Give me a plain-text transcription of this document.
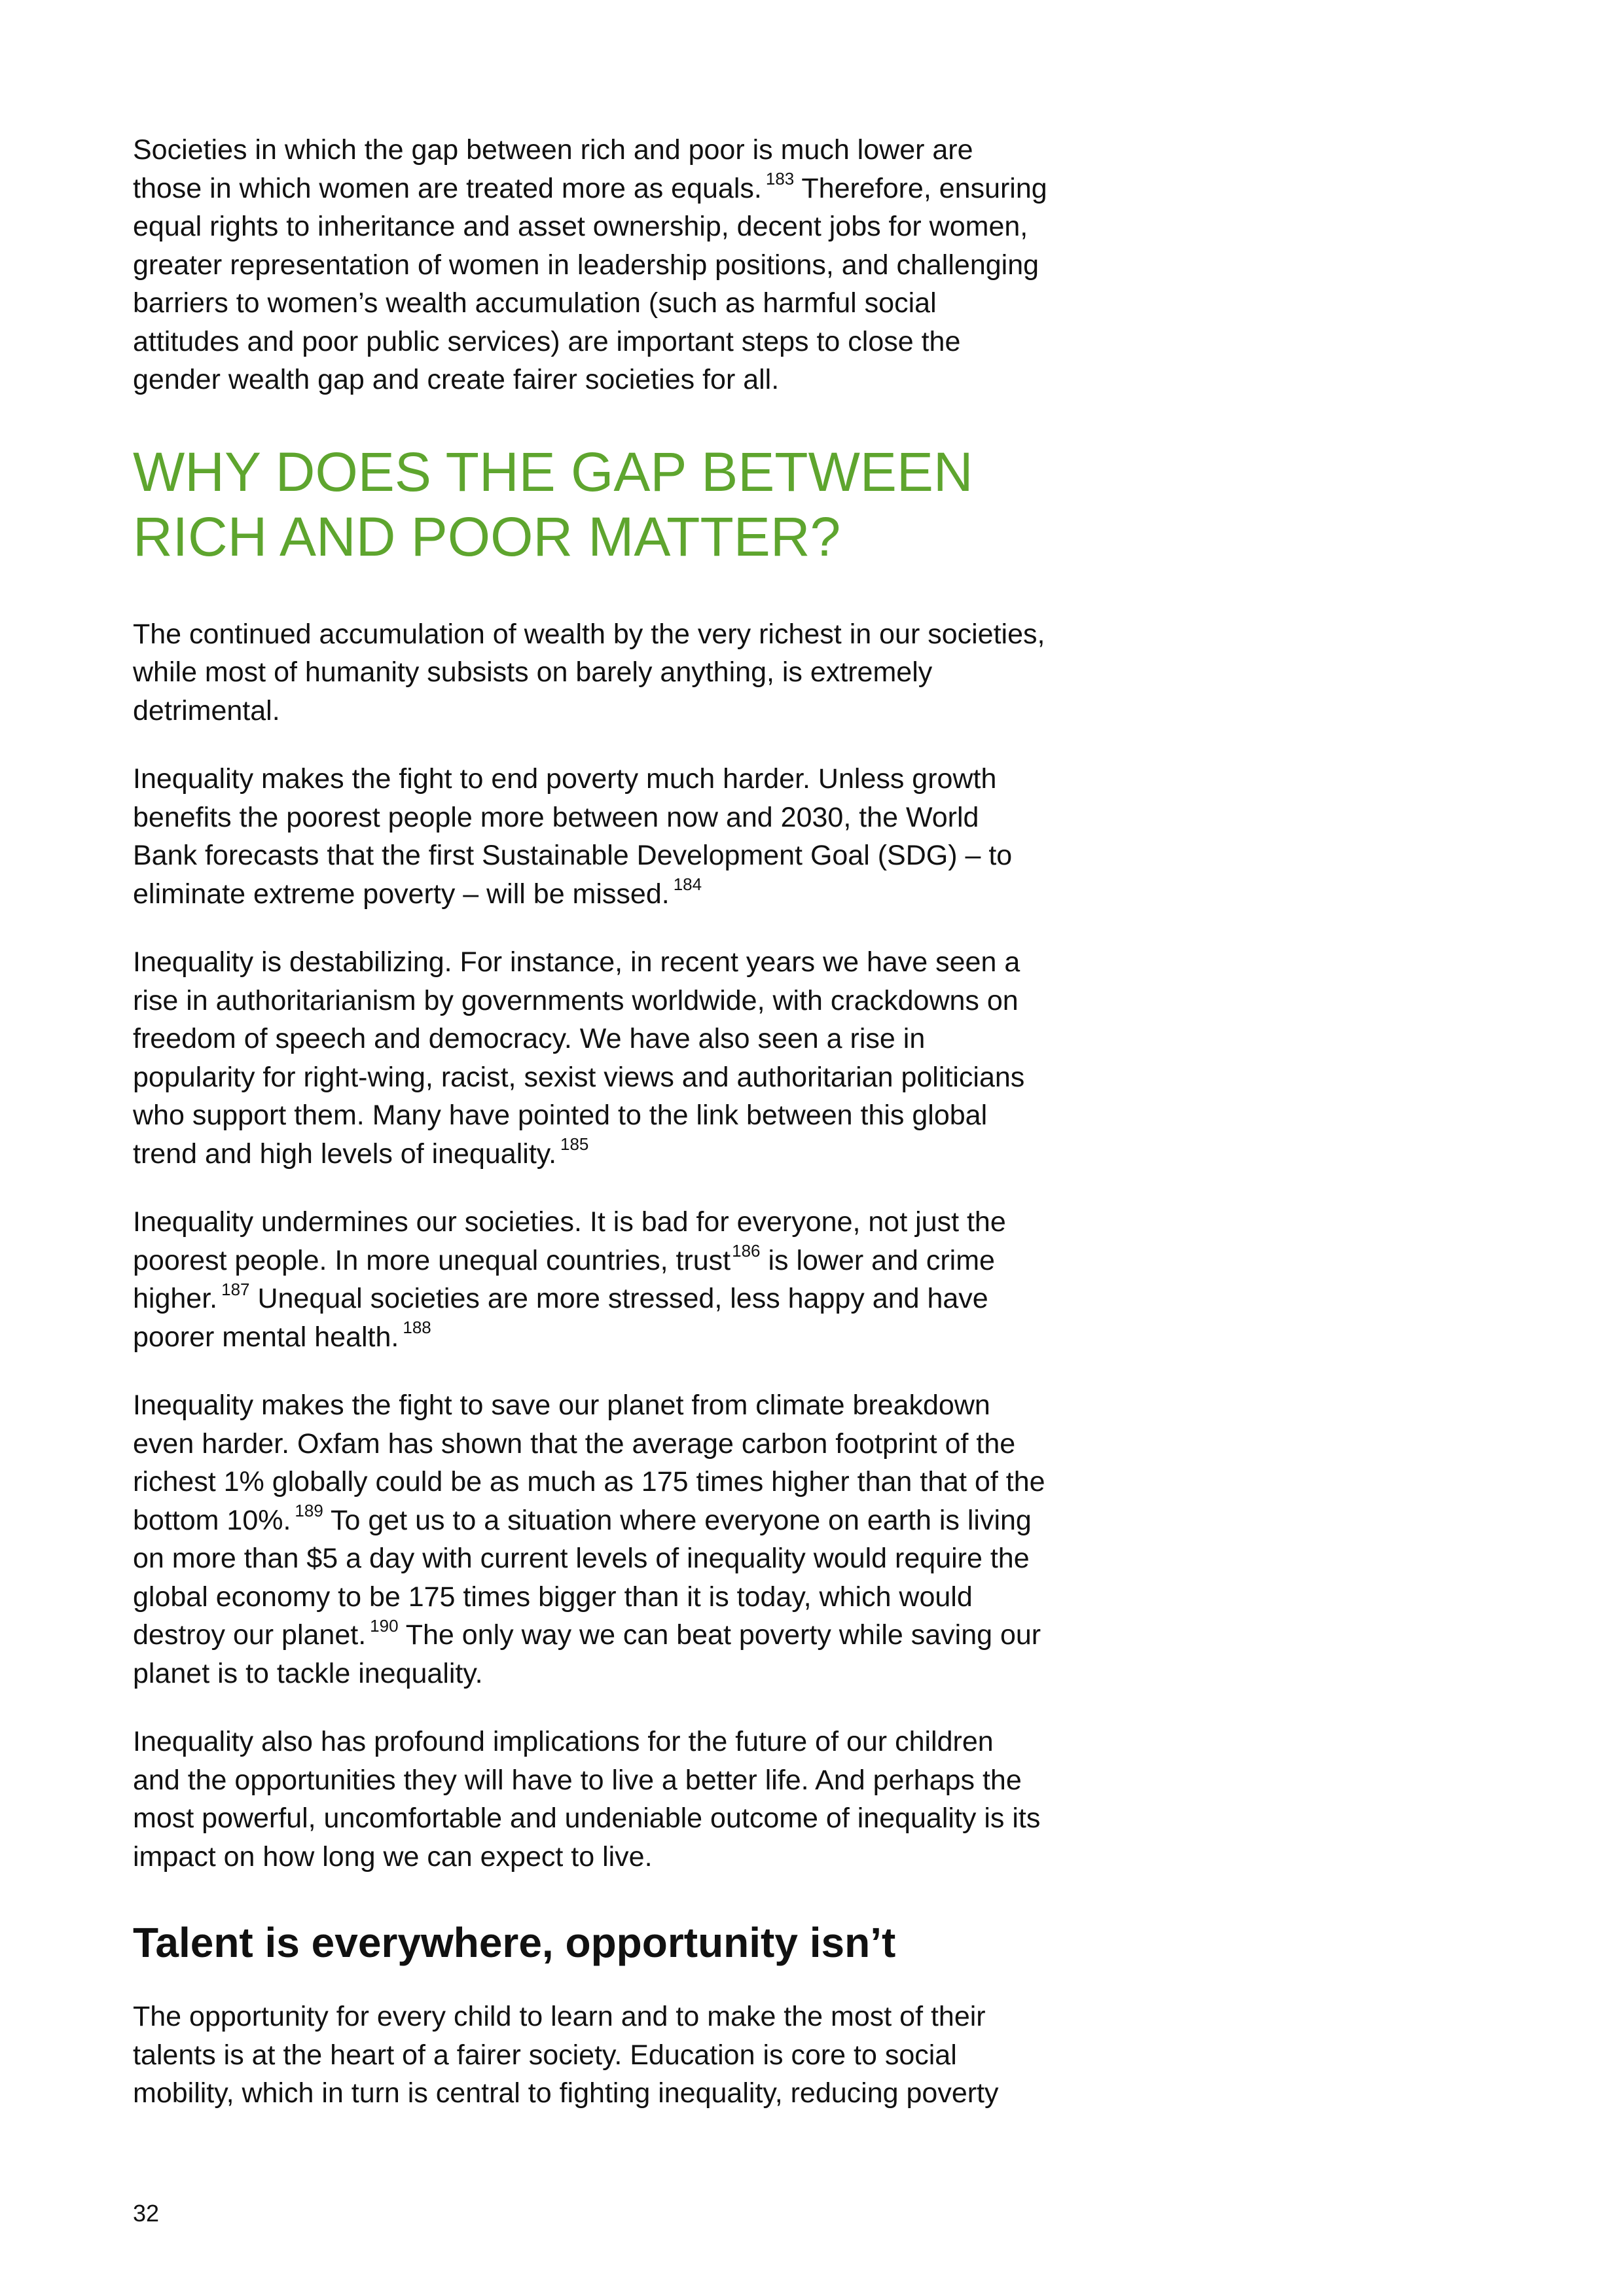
Societies in which the gap between rich and poor is much lower are
those in which women are treated more as equals. $^{183}$ Therefore, ensuring
equal rights to inheritance and asset ownership, decent jobs for women,
greater representation of women in leadership positions, and challenging
barriers to women’s wealth accumulation (such as harmful social
attitudes and poor public services) are important steps to close the
gender wealth gap and create fairer societies for all.

WHY DOES THE GAP BETWEEN
RICH AND POOR MATTER?

The continued accumulation of wealth by the very richest in our societies,
while most of humanity subsists on barely anything, is extremely
detrimental.

Inequality makes the fight to end poverty much harder. Unless growth
benefits the poorest people more between now and 2030, the World
Bank forecasts that the first Sustainable Development Goal (SDG) – to
eliminate extreme poverty – will be missed. $^{184}$

Inequality is destabilizing. For instance, in recent years we have seen a
rise in authoritarianism by governments worldwide, with crackdowns on
freedom of speech and democracy. We have also seen a rise in
popularity for right-wing, racist, sexist views and authoritarian politicians
who support them. Many have pointed to the link between this global
trend and high levels of inequality. $^{185}$

Inequality undermines our societies. It is bad for everyone, not just the
poorest people. In more unequal countries, trust$^{186}$ is lower and crime
higher. $^{187}$ Unequal societies are more stressed, less happy and have
poorer mental health. $^{188}$

Inequality makes the fight to save our planet from climate breakdown
even harder. Oxfam has shown that the average carbon footprint of the
richest 1% globally could be as much as 175 times higher than that of the
bottom 10%. $^{189}$ To get us to a situation where everyone on earth is living
on more than $5 a day with current levels of inequality would require the
global economy to be 175 times bigger than it is today, which would
destroy our planet. $^{190}$ The only way we can beat poverty while saving our
planet is to tackle inequality.

Inequality also has profound implications for the future of our children
and the opportunities they will have to live a better life. And perhaps the
most powerful, uncomfortable and undeniable outcome of inequality is its
impact on how long we can expect to live.

Talent is everywhere, opportunity isn’t

The opportunity for every child to learn and to make the most of their
talents is at the heart of a fairer society. Education is core to social
mobility, which in turn is central to fighting inequality, reducing poverty

32
